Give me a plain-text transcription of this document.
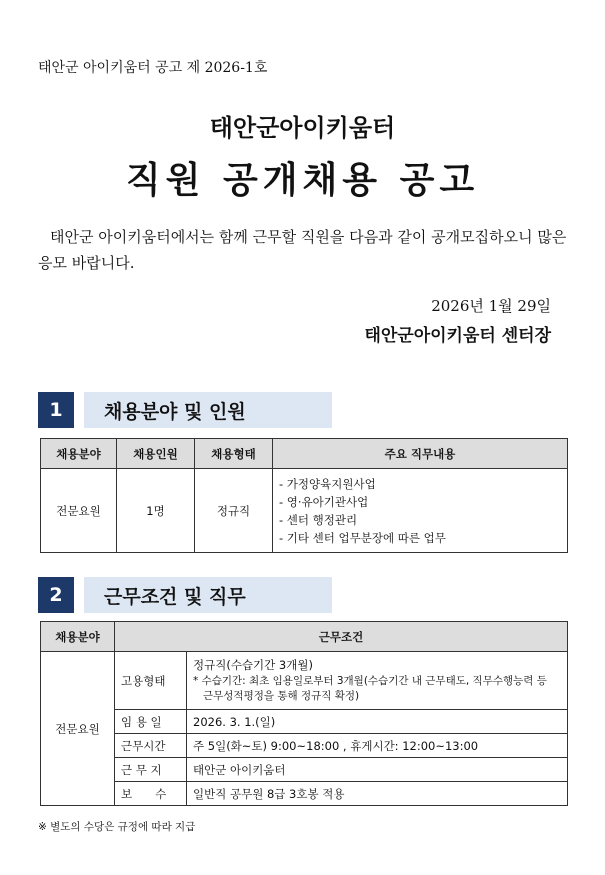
태안군 아이키움터 공고 제 2026-1호
태안군아이키움터
직원 공개채용 공고
태안군 아이키움터에서는 함께 근무할 직원을 다음과 같이 공개모집하오니 많은 응모 바랍니다.
2026년 1월 29일
태안군아이키움터 센터장
1	채용분야 및 인원
채용분야	채용인원	채용형태	주요 직무내용
전문요원	1명	정규직	- 가정양육지원사업
- 영·유아기관사업
- 센터 행정관리
- 기타 센터 업무분장에 따른 업무
2	근무조건 및 직무
채용분야	근무조건	
전문요원	고용형태	정규직(수습기간 3개월)
* 수습기간: 최초 임용일로부터 3개월(수습기간 내 근무태도, 직무수행능력 등
근무성적평정을 통해 정규직 확정)

	임 용 일	2026. 3. 1.(일)
	근무시간	주 5일(화~토) 9:00~18:00 , 휴게시간: 12:00~13:00
	근 무 지	태안군 아이키움터
	보　　수	일반직 공무원 8급 3호봉 적용
※ 별도의 수당은 규정에 따라 지급
